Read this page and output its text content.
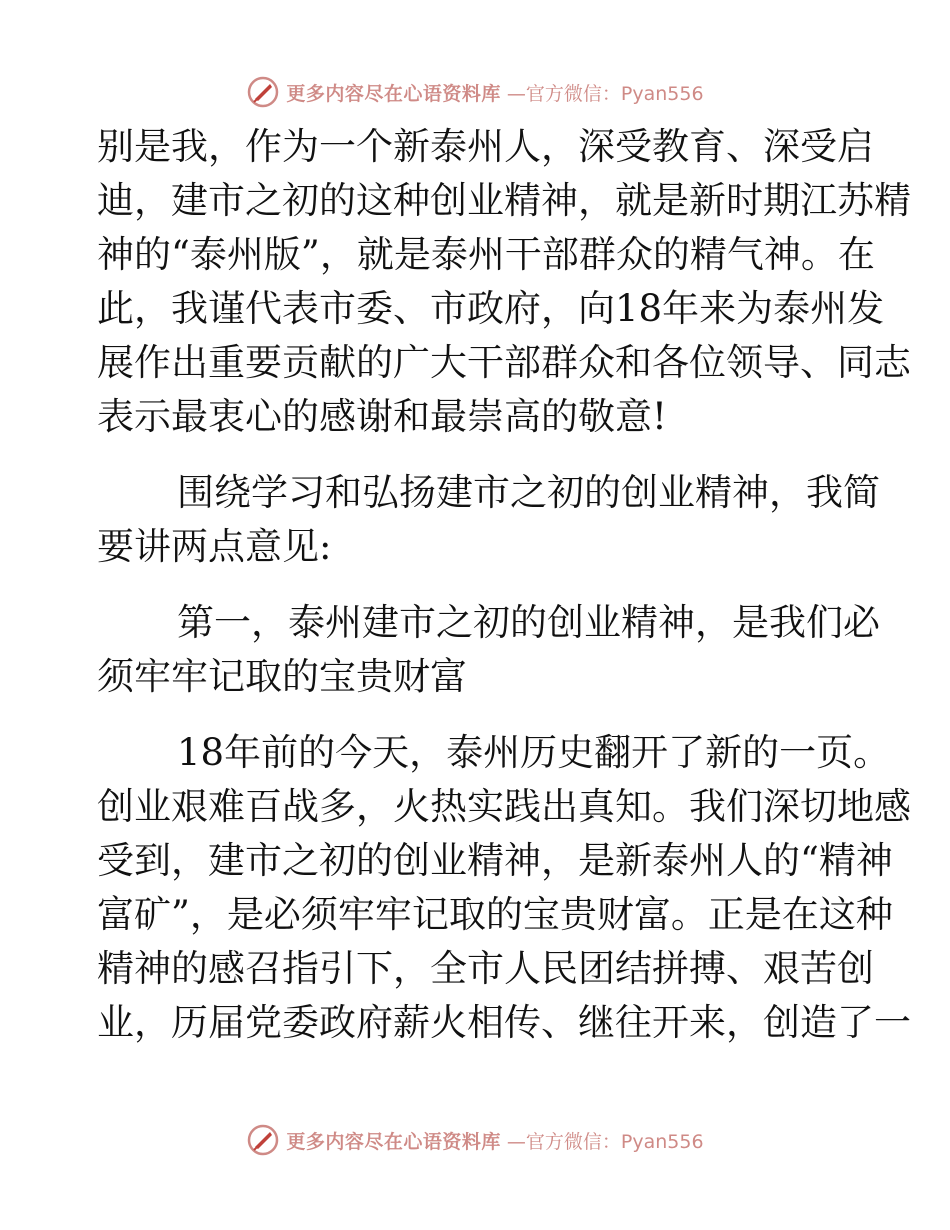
更多内容尽在心语资料库 —官方微信：Pyan556
别是我，作为一个新泰州人，深受教育、深受启
迪，建市之初的这种创业精神，就是新时期江苏精
神的“泰州版”，就是泰州干部群众的精气神。在
此，我谨代表市委、市政府，向18年来为泰州发
展作出重要贡献的广大干部群众和各位领导、同志
表示最衷心的感谢和最崇高的敬意!
围绕学习和弘扬建市之初的创业精神，我简
要讲两点意见:
第一，泰州建市之初的创业精神，是我们必
须牢牢记取的宝贵财富
18年前的今天，泰州历史翻开了新的一页。
创业艰难百战多，火热实践出真知。我们深切地感
受到，建市之初的创业精神，是新泰州人的“精神
富矿”，是必须牢牢记取的宝贵财富。正是在这种
精神的感召指引下，全市人民团结拼搏、艰苦创
业，历届党委政府薪火相传、继往开来，创造了一
更多内容尽在心语资料库 —官方微信：Pyan556
